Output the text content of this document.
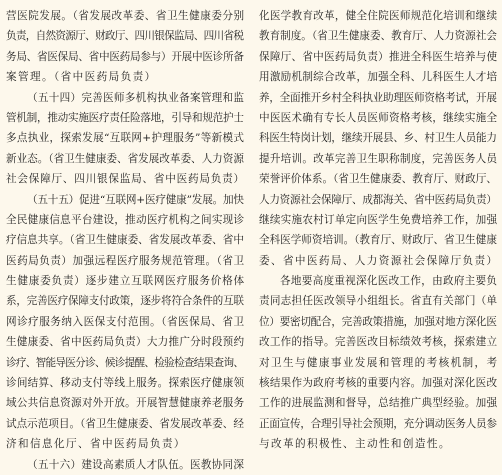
营医院发展。（省发展改革委、省卫生健康委分别
负责，自然资源厅、财政厅、四川银保监局、四川省税
务局、省医保局、省中医药局参与）开展中医诊所备
案管理。（省中医药局负责）
（五十四）完善医师多机构执业备案管理和监
管机制，推动实施医疗责任险落地，引导和规范护士
多点执业，探索发展“互联网+护理服务”等新模式
新业态。（省卫生健康委、省发展改革委、人力资源
社会保障厅、四川银保监局、省中医药局负责）
（五十五）促进“互联网+医疗健康”发展。加快
全民健康信息平台建设，推动医疗机构之间实现诊
疗信息共享。（省卫生健康委、省发展改革委、省中
医药局负责）加强远程医疗服务规范管理。（省卫
生健康委负责）逐步建立互联网医疗服务价格体
系，完善医疗保障支付政策，逐步将符合条件的互联
网诊疗服务纳入医保支付范围。（省医保局、省卫
生健康委、省中医药局负责）大力推广分时段预约
诊疗、智能导医分诊、候诊提醒、检验检查结果查询、
诊间结算、移动支付等线上服务。探索医疗健康领
域公共信息资源对外开放。开展智慧健康养老服务
试点示范项目。（省卫生健康委、省发展改革委、经
济和信息化厅、省中医药局负责）
（五十六）建设高素质人才队伍。医教协同深
化医学教育改革，健全住院医师规范化培训和继续
教育制度。（省卫生健康委、教育厅、人力资源社会
保障厅、省中医药局负责）推进全科医生培养与使
用激励机制综合改革，加强全科、儿科医生人才培
养，全面推开乡村全科执业助理医师资格考试，开展
中医医术确有专长人员医师资格考核，继续实施全
科医生特岗计划，继续开展县、乡、村卫生人员能力
提升培训。改革完善卫生职称制度，完善医务人员
荣誉评价体系。（省卫生健康委、教育厅、财政厅、
人力资源社会保障厅、成都海关、省中医药局负责）
继续实施农村订单定向医学生免费培养工作，加强
全科医学师资培训。（教育厅、财政厅、省卫生健康
委、省中医药局、人力资源社会保障厅负责）
各地要高度重视深化医改工作，由政府主要负
责同志担任医改领导小组组长。省直有关部门（单
位）要密切配合，完善政策措施，加强对地方深化医
改工作的指导。完善医改目标绩效考核，探索建立
对卫生与健康事业发展和管理的考核机制，考
核结果作为政府考核的重要内容。加强对深化医改
工作的进展监测和督导，总结推广典型经验。加强
正面宣传，合理引导社会预期，充分调动医务人员参
与改革的积极性、主动性和创造性。
